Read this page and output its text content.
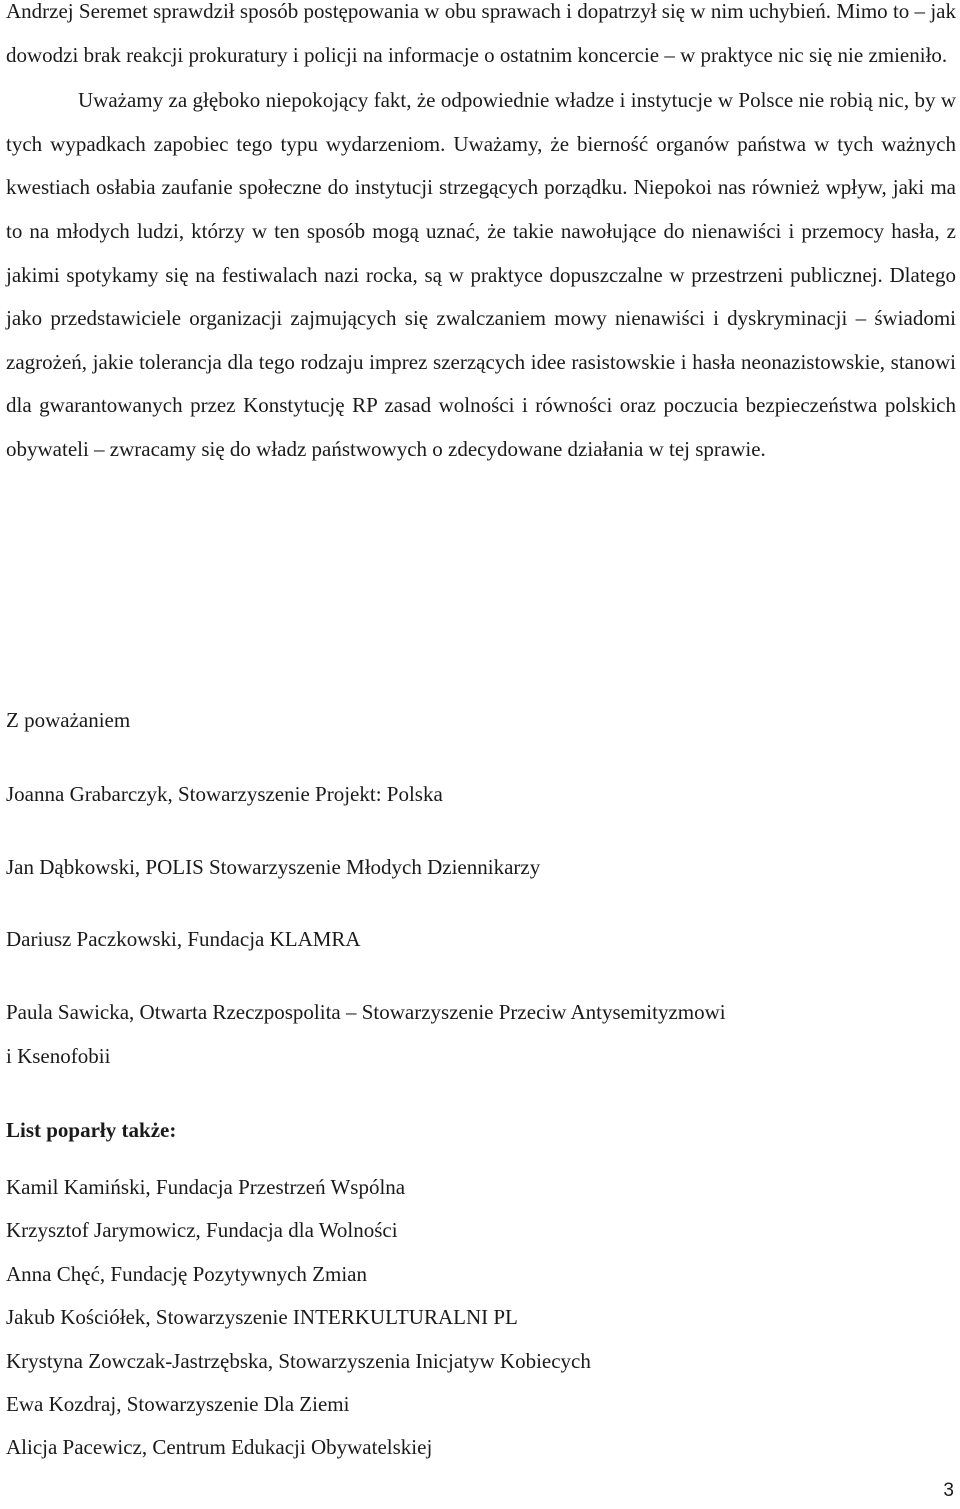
Andrzej Seremet sprawdził sposób postępowania w obu sprawach i dopatrzył się w nim uchybień. Mimo to – jak dowodzi brak reakcji prokuratury i policji na informacje o ostatnim koncercie – w praktyce nic się nie zmieniło.

Uważamy za głęboko niepokojący fakt, że odpowiednie władze i instytucje w Polsce nie robią nic, by w tych wypadkach zapobiec tego typu wydarzeniom. Uważamy, że bierność organów państwa w tych ważnych kwestiach osłabia zaufanie społeczne do instytucji strzegących porządku. Niepokoi nas również wpływ, jaki ma to na młodych ludzi, którzy w ten sposób mogą uznać, że takie nawołujące do nienawiści i przemocy hasła, z jakimi spotykamy się na festiwalach nazi rocka, są w praktyce dopuszczalne w przestrzeni publicznej. Dlatego jako przedstawiciele organizacji zajmujących się zwalczaniem mowy nienawiści i dyskryminacji – świadomi zagrożeń, jakie tolerancja dla tego rodzaju imprez szerzących idee rasistowskie i hasła neonazistowskie, stanowi dla gwarantowanych przez Konstytucję RP zasad wolności i równości oraz poczucia bezpieczeństwa polskich obywateli – zwracamy się do władz państwowych o zdecydowane działania w tej sprawie.

Z poważaniem

Joanna Grabarczyk, Stowarzyszenie Projekt: Polska

Jan Dąbkowski, POLIS Stowarzyszenie Młodych Dziennikarzy

Dariusz Paczkowski, Fundacja KLAMRA

Paula Sawicka, Otwarta Rzeczpospolita – Stowarzyszenie Przeciw Antysemityzmowi

i Ksenofobii

List poparły także:

Kamil Kamiński, Fundacja Przestrzeń Wspólna
Krzysztof Jarymowicz, Fundacja dla Wolności
Anna Chęć, Fundację Pozytywnych Zmian
Jakub Kościółek, Stowarzyszenie INTERKULTURALNI PL
Krystyna Zowczak-Jastrzębska, Stowarzyszenia Inicjatyw Kobiecych
Ewa Kozdraj, Stowarzyszenie Dla Ziemi
Alicja Pacewicz, Centrum Edukacji Obywatelskiej
3
